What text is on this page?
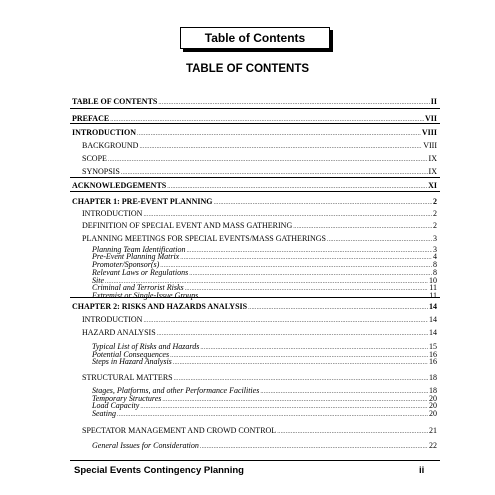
Table of Contents
TABLE OF CONTENTS
TABLE OF CONTENTS .....	II
PREFACE .....	VII
INTRODUCTION .....	VIII
BACKGROUND .....	VIII
SCOPE .....	IX
SYNOPSIS .....	IX
ACKNOWLEDGEMENTS .....	XI
CHAPTER 1: PRE-EVENT PLANNING .....	2
INTRODUCTION .....	2
DEFINITION OF SPECIAL EVENT AND MASS GATHERING .....	2
PLANNING MEETINGS FOR SPECIAL EVENTS/MASS GATHERINGS .....	3
Planning Team Identification .....	3
Pre-Event Planning Matrix .....	4
Promoter/Sponsor(s) .....	8
Relevant Laws or Regulations .....	8
Site .....	10
Criminal and Terrorist Risks .....	11
Extremist or Single-Issue Groups .....	11
CHAPTER 2: RISKS AND HAZARDS ANALYSIS .....	14
INTRODUCTION .....	14
HAZARD ANALYSIS .....	14
Typical List of Risks and Hazards .....	15
Potential Consequences .....	16
Steps in Hazard Analysis .....	16
STRUCTURAL MATTERS .....	18
Stages, Platforms, and other Performance Facilities .....	18
Temporary Structures .....	20
Load Capacity .....	20
Seating .....	20
SPECTATOR MANAGEMENT AND CROWD CONTROL .....	21
General Issues for Consideration .....	22
Special Events Contingency Planning	ii
